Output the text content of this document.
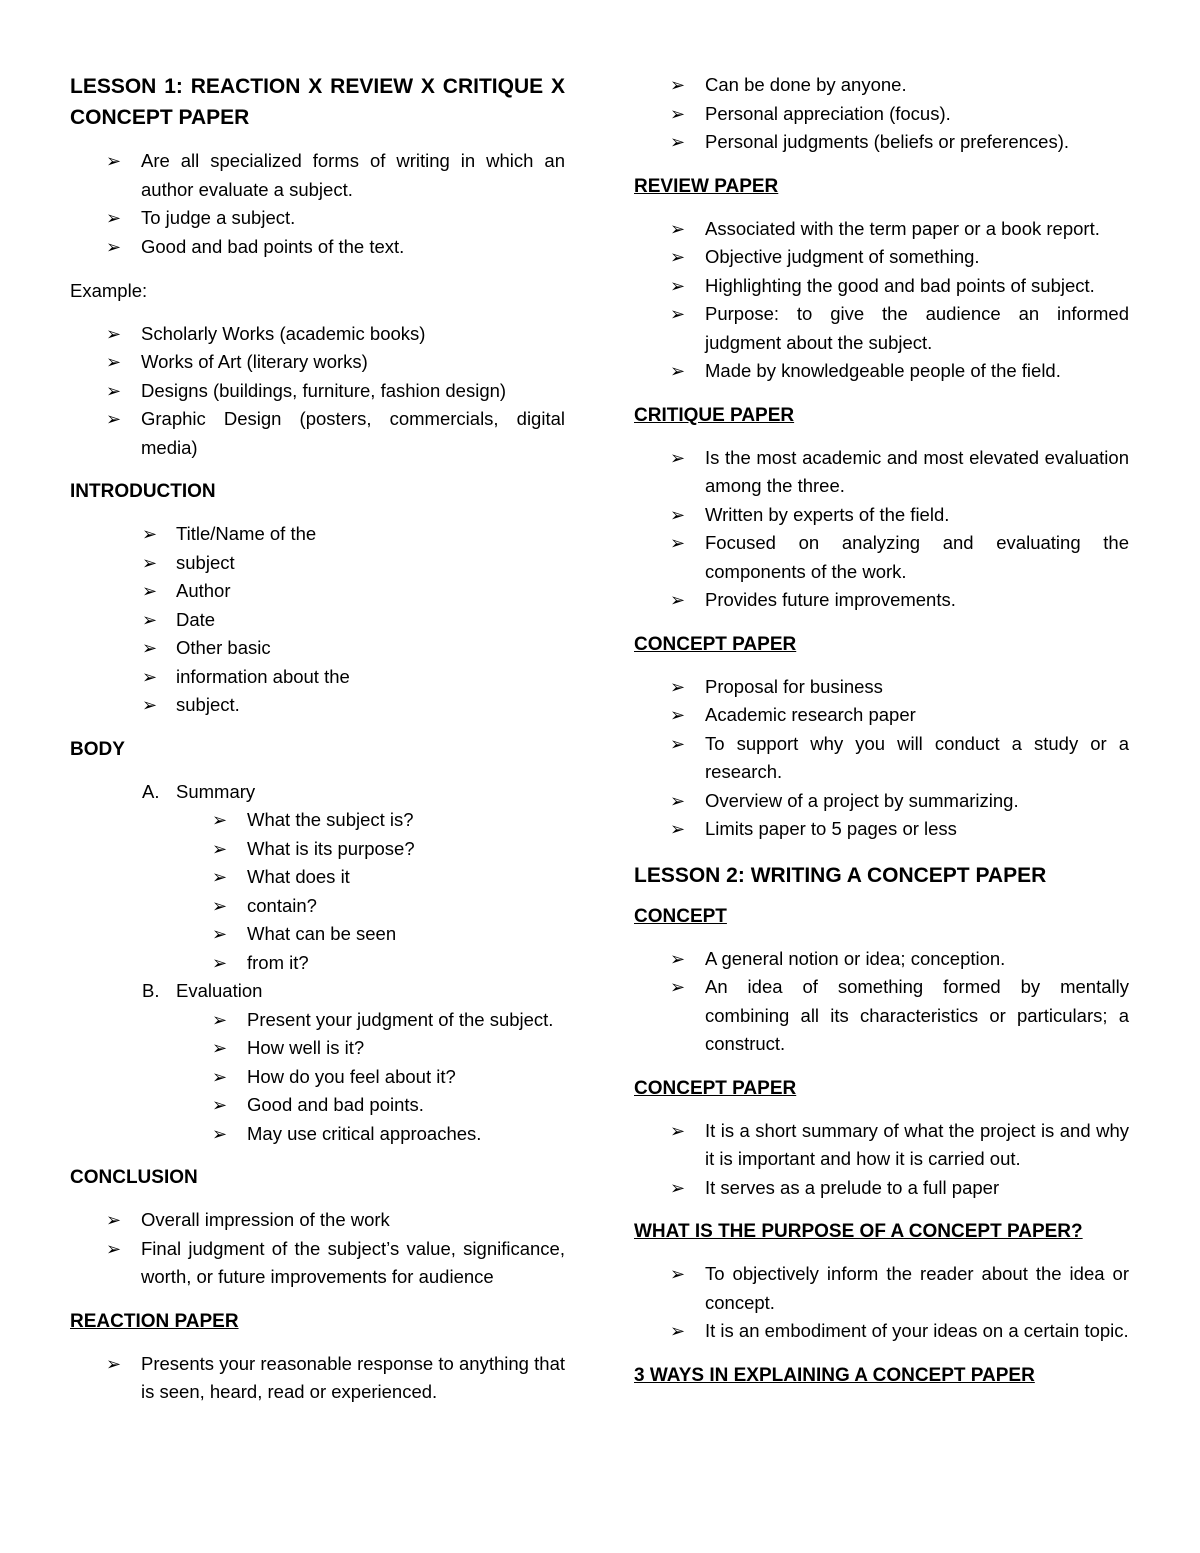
LESSON 1: REACTION X REVIEW X CRITIQUE X CONCEPT PAPER
➢ Are all specialized forms of writing in which an author evaluate a subject.
➢ To judge a subject.
➢ Good and bad points of the text.
Example:
➢ Scholarly Works (academic books)
➢ Works of Art (literary works)
➢ Designs (buildings, furniture, fashion design)
➢ Graphic Design (posters, commercials, digital media)
INTRODUCTION
➢ Title/Name of the
➢ subject
➢ Author
➢ Date
➢ Other basic
➢ information about the
➢ subject.
BODY
A. Summary
➢ What the subject is?
➢ What is its purpose?
➢ What does it
➢ contain?
➢ What can be seen
➢ from it?
B. Evaluation
➢ Present your judgment of the subject.
➢ How well is it?
➢ How do you feel about it?
➢ Good and bad points.
➢ May use critical approaches.
CONCLUSION
➢ Overall impression of the work
➢ Final judgment of the subject’s value, significance, worth, or future improvements for audience
REACTION PAPER
➢ Presents your reasonable response to anything that is seen, heard, read or experienced.
➢ Can be done by anyone.
➢ Personal appreciation (focus).
➢ Personal judgments (beliefs or preferences).
REVIEW PAPER
➢ Associated with the term paper or a book report.
➢ Objective judgment of something.
➢ Highlighting the good and bad points of subject.
➢ Purpose: to give the audience an informed judgment about the subject.
➢ Made by knowledgeable people of the field.
CRITIQUE PAPER
➢ Is the most academic and most elevated evaluation among the three.
➢ Written by experts of the field.
➢ Focused on analyzing and evaluating the components of the work.
➢ Provides future improvements.
CONCEPT PAPER
➢ Proposal for business
➢ Academic research paper
➢ To support why you will conduct a study or a research.
➢ Overview of a project by summarizing.
➢ Limits paper to 5 pages or less
LESSON 2: WRITING A CONCEPT PAPER
CONCEPT
➢ A general notion or idea; conception.
➢ An idea of something formed by mentally combining all its characteristics or particulars; a construct.
CONCEPT PAPER
➢ It is a short summary of what the project is and why it is important and how it is carried out.
➢ It serves as a prelude to a full paper
WHAT IS THE PURPOSE OF A CONCEPT PAPER?
➢ To objectively inform the reader about the idea or concept.
➢ It is an embodiment of your ideas on a certain topic.
3 WAYS IN EXPLAINING A CONCEPT PAPER
